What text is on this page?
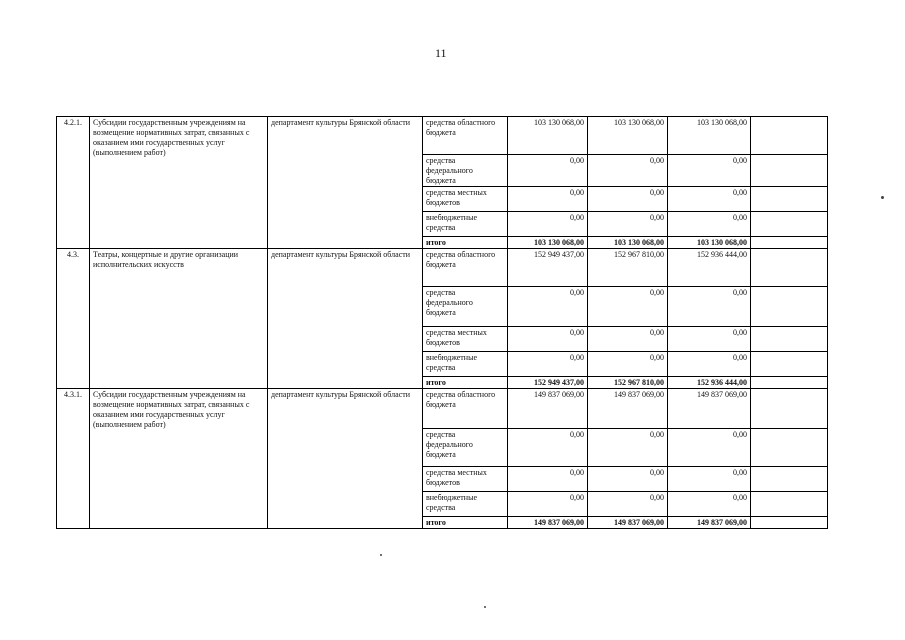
11
4.2.1.	Субсидии государственным учреждениям на возмещение нормативных затрат, связанных с оказанием ими государственных услуг (выполнением работ)	департамент культуры Брянской области	средства областного бюджета	103 130 068,00	103 130 068,00	103 130 068,00	
			средства федерального бюджета	0,00	0,00	0,00	
			средства местных бюджетов	0,00	0,00	0,00	
			внебюджетные средства	0,00	0,00	0,00	
			итого	103 130 068,00	103 130 068,00	103 130 068,00	
4.3.	Театры, концертные и другие организации исполнительских искусств	департамент культуры Брянской области	средства областного бюджета	152 949 437,00	152 967 810,00	152 936 444,00	
			средства федерального бюджета	0,00	0,00	0,00	
			средства местных бюджетов	0,00	0,00	0,00	
			внебюджетные средства	0,00	0,00	0,00	
			итого	152 949 437,00	152 967 810,00	152 936 444,00	
4.3.1.	Субсидии государственным учреждениям на возмещение нормативных затрат, связанных с оказанием ими государственных услуг (выполнением работ)	департамент культуры Брянской области	средства областного бюджета	149 837 069,00	149 837 069,00	149 837 069,00	
			средства федерального бюджета	0,00	0,00	0,00	
			средства местных бюджетов	0,00	0,00	0,00	
			внебюджетные средства	0,00	0,00	0,00	
			итого	149 837 069,00	149 837 069,00	149 837 069,00	
